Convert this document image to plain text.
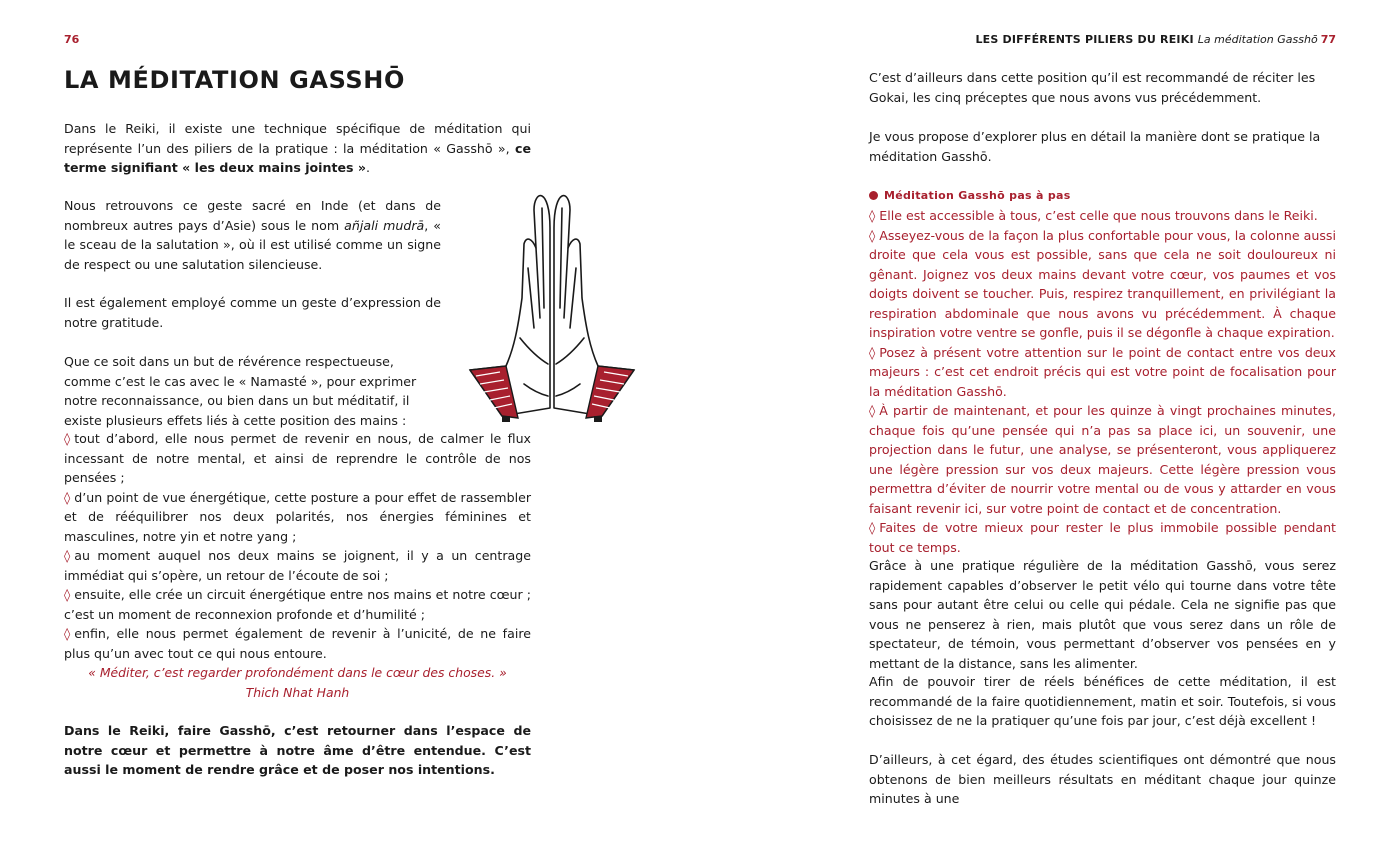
76
LA MÉDITATION GASSHŌ
Dans le Reiki, il existe une technique spécifique de méditation qui représente l’un des piliers de la pratique : la méditation « Gasshō », ce terme signifiant « les deux mains jointes ».
Nous retrouvons ce geste sacré en Inde (et dans de nombreux autres pays d’Asie) sous le nom añjali mudrā, « le sceau de la salutation », où il est utilisé comme un signe de respect ou une salutation silencieuse.
Il est également employé comme un geste d’expression de notre gratitude.
Que ce soit dans un but de révérence respectueuse, comme c’est le cas avec le « Namasté », pour exprimer notre reconnaissance, ou bien dans un but méditatif, il existe plusieurs effets liés à cette position des mains :

◊ tout d’abord, elle nous permet de revenir en nous, de calmer le flux incessant de notre mental, et ainsi de reprendre le contrôle de nos pensées ;

◊ d’un point de vue énergétique, cette posture a pour effet de rassembler et de rééquilibrer nos deux polarités, nos énergies féminines et masculines, notre yin et notre yang ;

◊ au moment auquel nos deux mains se joignent, il y a un centrage immédiat qui s’opère, un retour de l’écoute de soi ;

◊ ensuite, elle crée un circuit énergétique entre nos mains et notre cœur ; c’est un moment de reconnexion profonde et d’humilité ;

◊ enfin, elle nous permet également de revenir à l’unicité, de ne faire plus qu’un avec tout ce qui nous entoure.

« Méditer, c’est regarder profondément dans le cœur des choses. »

Thich Nhat Hanh

Dans le Reiki, faire Gasshō, c’est retourner dans l’espace de notre cœur et permettre à notre âme d’être entendue. C’est aussi le moment de rendre grâce et de poser nos intentions.
LES DIFFÉRENTS PILIERS DU REIKI La méditation Gasshō 77
C’est d’ailleurs dans cette position qu’il est recommandé de réciter les Gokai, les cinq préceptes que nous avons vus précédemment.
Je vous propose d’explorer plus en détail la manière dont se pratique la méditation Gasshō.
Méditation Gasshō pas à pas

◊ Elle est accessible à tous, c’est celle que nous trouvons dans le Reiki.

◊ Asseyez-vous de la façon la plus confortable pour vous, la colonne aussi droite que cela vous est possible, sans que cela ne soit douloureux ni gênant. Joignez vos deux mains devant votre cœur, vos paumes et vos doigts doivent se toucher. Puis, respirez tranquillement, en privilégiant la respiration abdominale que nous avons vu précédemment. À chaque inspiration votre ventre se gonfle, puis il se dégonfle à chaque expiration.

◊ Posez à présent votre attention sur le point de contact entre vos deux majeurs : c’est cet endroit précis qui est votre point de focalisation pour la méditation Gasshō.

◊ À partir de maintenant, et pour les quinze à vingt prochaines minutes, chaque fois qu’une pensée qui n’a pas sa place ici, un souvenir, une projection dans le futur, une analyse, se présenteront, vous appliquerez une légère pression sur vos deux majeurs. Cette légère pression vous permettra d’éviter de nourrir votre mental ou de vous y attarder en vous faisant revenir ici, sur votre point de contact et de concentration.

◊ Faites de votre mieux pour rester le plus immobile possible pendant tout ce temps.

Grâce à une pratique régulière de la méditation Gasshō, vous serez rapidement capables d’observer le petit vélo qui tourne dans votre tête sans pour autant être celui ou celle qui pédale. Cela ne signifie pas que vous ne penserez à rien, mais plutôt que vous serez dans un rôle de spectateur, de témoin, vous permettant d’observer vos pensées en y mettant de la distance, sans les alimenter.
Afin de pouvoir tirer de réels bénéfices de cette méditation, il est recommandé de la faire quotidiennement, matin et soir. Toutefois, si vous choisissez de ne la pratiquer qu’une fois par jour, c’est déjà excellent !
D’ailleurs, à cet égard, des études scientifiques ont démontré que nous obtenons de bien meilleurs résultats en méditant chaque jour quinze minutes à une
